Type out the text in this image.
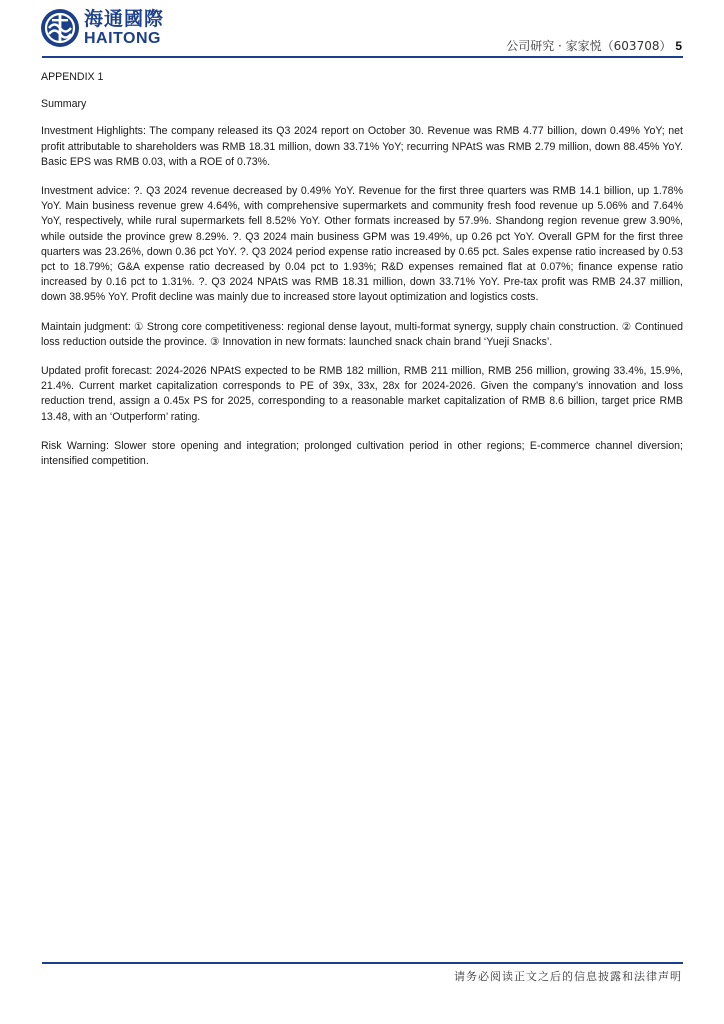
海通國際
HAITONG	公司研究 · 家家悦（603708） 5

APPENDIX 1

Summary

Investment Highlights: The company released its Q3 2024 report on October 30. Revenue was RMB 4.77 billion, down 0.49% YoY; net profit attributable to shareholders was RMB 18.31 million, down 33.71% YoY; recurring NPAtS was RMB 2.79 million, down 88.45% YoY. Basic EPS was RMB 0.03, with a ROE of 0.73%.

Investment advice: ?. Q3 2024 revenue decreased by 0.49% YoY. Revenue for the first three quarters was RMB 14.1 billion, up 1.78% YoY. Main business revenue grew 4.64%, with comprehensive supermarkets and community fresh food revenue up 5.06% and 7.64% YoY, respectively, while rural supermarkets fell 8.52% YoY. Other formats increased by 57.9%. Shandong region revenue grew 3.90%, while outside the province grew 8.29%. ?. Q3 2024 main business GPM was 19.49%, up 0.26 pct YoY. Overall GPM for the first three quarters was 23.26%, down 0.36 pct YoY. ?. Q3 2024 period expense ratio increased by 0.65 pct. Sales expense ratio increased by 0.53 pct to 18.79%; G&A expense ratio decreased by 0.04 pct to 1.93%; R&D expenses remained flat at 0.07%; finance expense ratio increased by 0.16 pct to 1.31%. ?. Q3 2024 NPAtS was RMB 18.31 million, down 33.71% YoY. Pre-tax profit was RMB 24.37 million, down 38.95% YoY. Profit decline was mainly due to increased store layout optimization and logistics costs.

Maintain judgment: ① Strong core competitiveness: regional dense layout, multi-format synergy, supply chain construction. ② Continued loss reduction outside the province. ③ Innovation in new formats: launched snack chain brand ‘Yueji Snacks’.

Updated profit forecast: 2024-2026 NPAtS expected to be RMB 182 million, RMB 211 million, RMB 256 million, growing 33.4%, 15.9%, 21.4%. Current market capitalization corresponds to PE of 39x, 33x, 28x for 2024-2026. Given the company’s innovation and loss reduction trend, assign a 0.45x PS for 2025, corresponding to a reasonable market capitalization of RMB 8.6 billion, target price RMB 13.48, with an ‘Outperform’ rating.

Risk Warning: Slower store opening and integration; prolonged cultivation period in other regions; E-commerce channel diversion; intensified competition.

请务必阅读正文之后的信息披露和法律声明
